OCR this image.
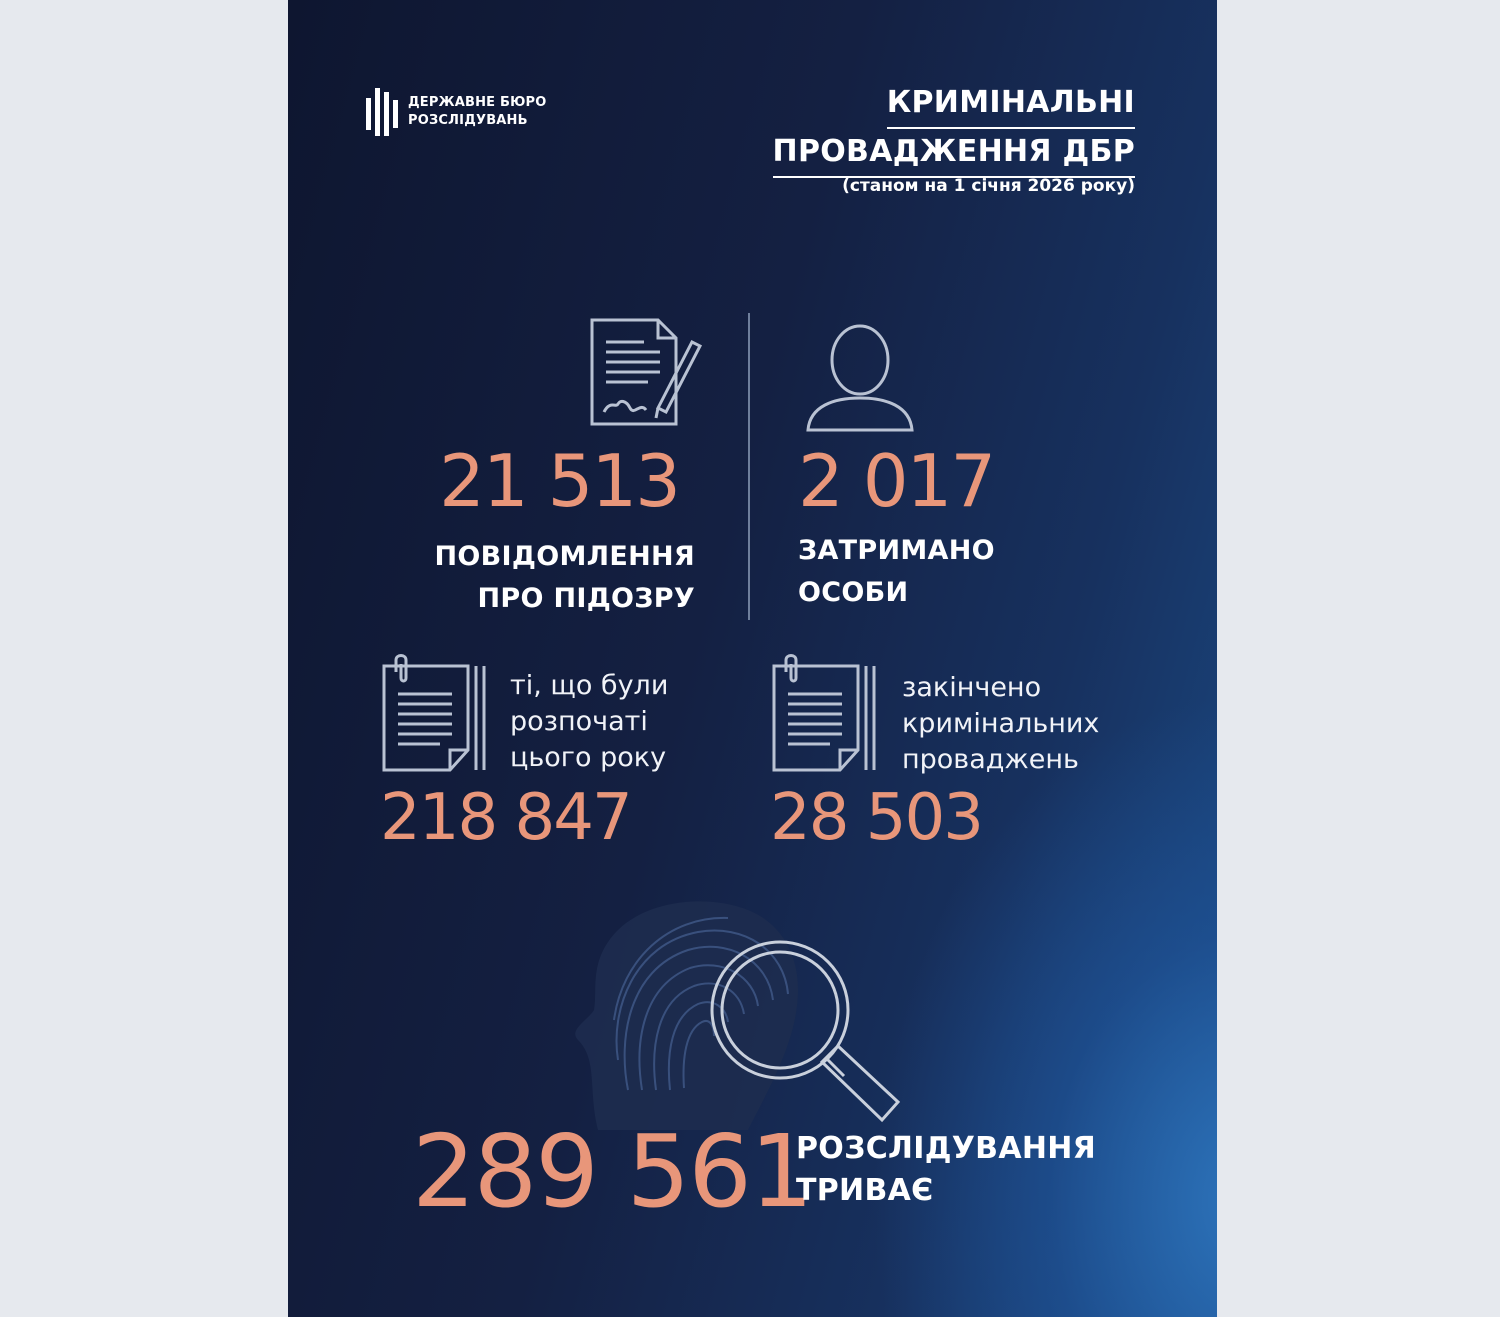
ДЕРЖАВНЕ БЮРО
РОЗСЛІДУВАНЬ
КРИМІНАЛЬНІ
ПРОВАДЖЕННЯ ДБР
(станом на 1 січня 2026 року)
21 513
ПОВІДОМЛЕННЯ
ПРО ПІДОЗРУ
2 017
ЗАТРИМАНО
ОСОБИ
ті, що були
розпочаті
цього року
218 847
закінчено
кримінальних
проваджень
28 503
289 561
РОЗСЛІДУВАННЯ
ТРИВАЄ
